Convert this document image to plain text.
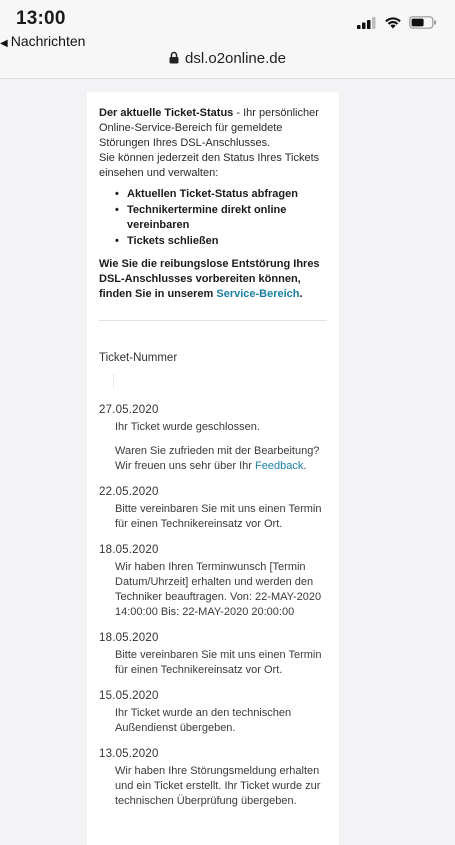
13:00
◀ Nachrichten
dsl.o2online.de
Der aktuelle Ticket-Status - Ihr persönlicher Online-Service-Bereich für gemeldete Störungen Ihres DSL-Anschlusses.
Sie können jederzeit den Status Ihres Tickets einsehen und verwalten:
• Aktuellen Ticket-Status abfragen
• Technikertermine direkt online vereinbaren
• Tickets schließen
Wie Sie die reibungslose Entstörung Ihres DSL-Anschlusses vorbereiten können, finden Sie in unserem Service-Bereich.
Ticket-Nummer
27.05.2020
Ihr Ticket wurde geschlossen.
Waren Sie zufrieden mit der Bearbeitung? Wir freuen uns sehr über Ihr Feedback.
22.05.2020
Bitte vereinbaren Sie mit uns einen Termin für einen Technikereinsatz vor Ort.
18.05.2020
Wir haben Ihren Terminwunsch [Termin Datum/Uhrzeit] erhalten und werden den Techniker beauftragen. Von: 22-MAY-2020 14:00:00 Bis: 22-MAY-2020 20:00:00
18.05.2020
Bitte vereinbaren Sie mit uns einen Termin für einen Technikereinsatz vor Ort.
15.05.2020
Ihr Ticket wurde an den technischen Außendienst übergeben.
13.05.2020
Wir haben Ihre Störungsmeldung erhalten und ein Ticket erstellt. Ihr Ticket wurde zur technischen Überprüfung übergeben.
